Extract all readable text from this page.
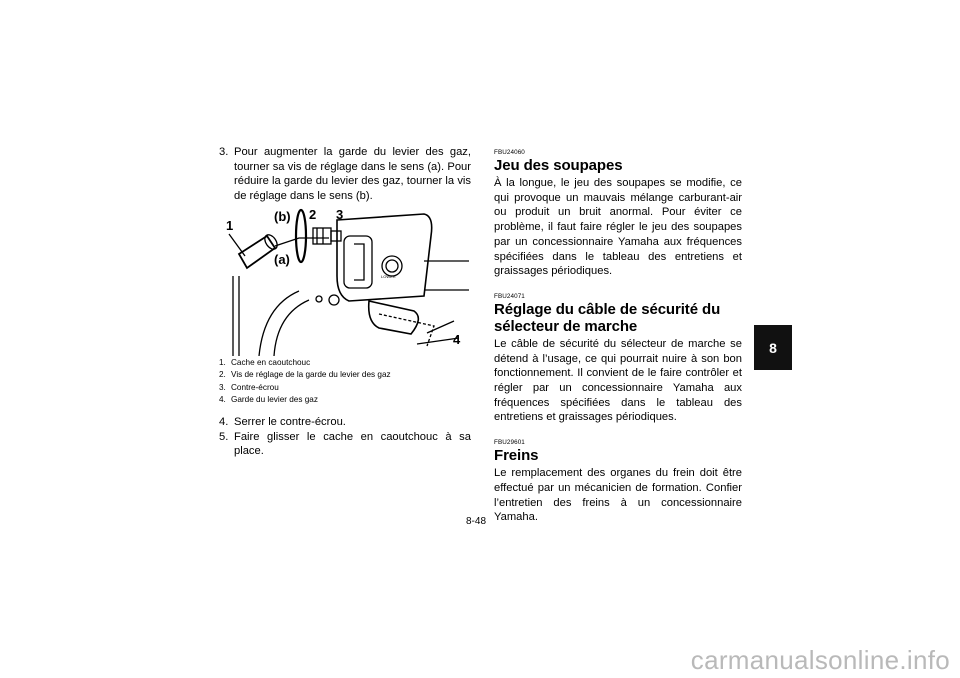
3. Pour augmenter la garde du levier des gaz, tourner sa vis de réglage dans le sens (a). Pour réduire la garde du levier des gaz, tourner la vis de réglage dans le sens (b).
LOWER
1
(b) 2 3
(a)
4
1. Cache en caoutchouc
2. Vis de réglage de la garde du levier des gaz
3. Contre-écrou
4. Garde du levier des gaz
4. Serrer le contre-écrou.
5. Faire glisser le cache en caoutchouc à sa place.
FBU24060
Jeu des soupapes
À la longue, le jeu des soupapes se modifie, ce qui provoque un mauvais mélange carburant-air ou produit un bruit anormal. Pour éviter ce problème, il faut faire régler le jeu des soupapes par un concessionnaire Yamaha aux fréquences spécifiées dans le tableau des entretiens et graissages périodiques.
FBU24071
Réglage du câble de sécurité du sélecteur de marche
Le câble de sécurité du sélecteur de marche se détend à l’usage, ce qui pourrait nuire à son bon fonctionnement. Il convient de le faire contrôler et régler par un concessionnaire Yamaha aux fréquences spécifiées dans le tableau des entretiens et graissages périodiques.
FBU29601
Freins
Le remplacement des organes du frein doit être effectué par un mécanicien de formation. Confier l’entretien des freins à un concessionnaire Yamaha.
8
8-48
carmanualsonline.info
